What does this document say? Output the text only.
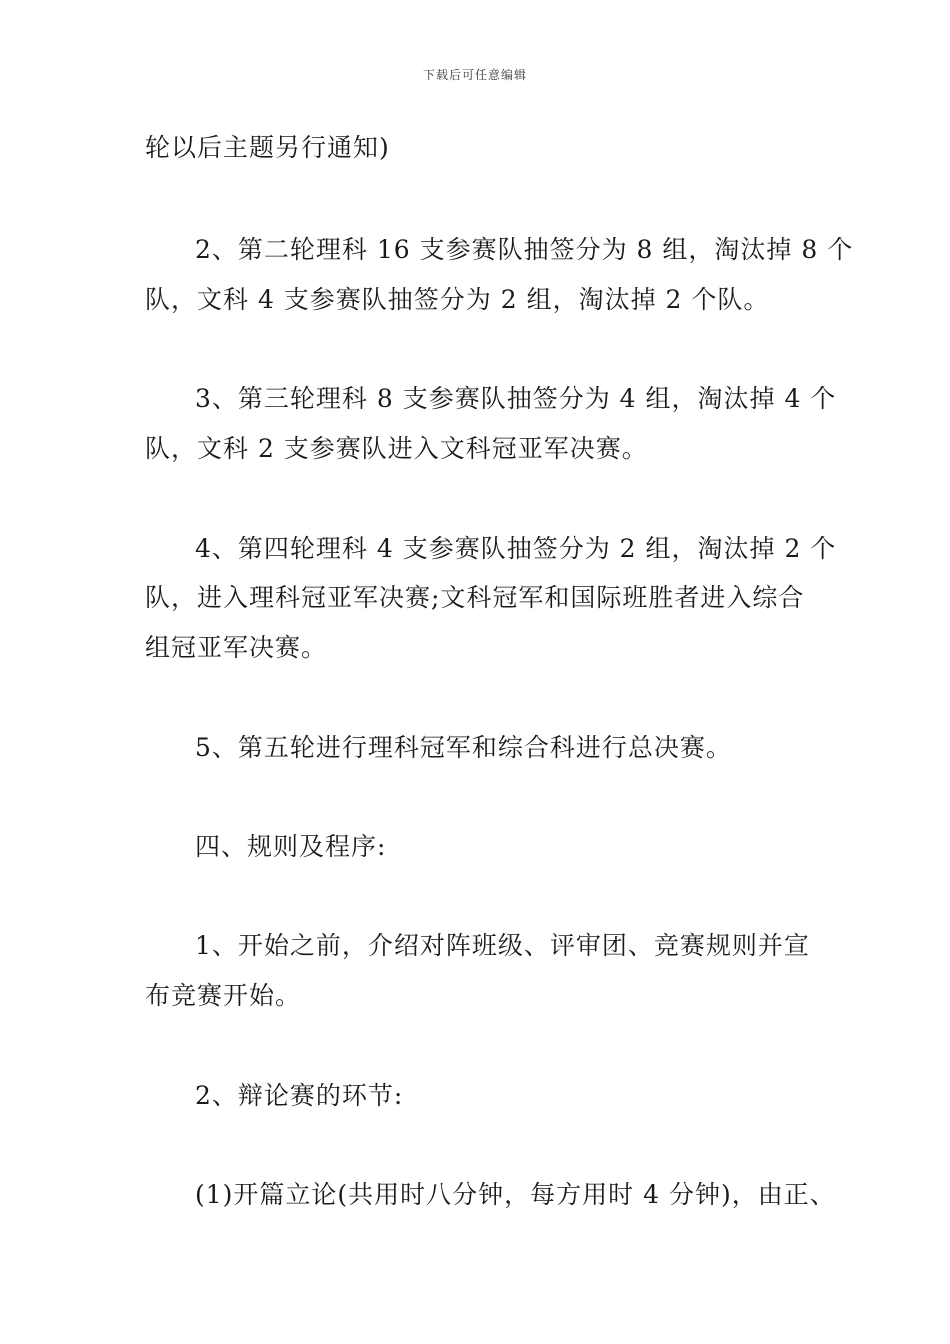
下载后可任意编辑
轮以后主题另行通知)
2、第二轮理科 16 支参赛队抽签分为 8 组，淘汰掉 8 个
队，文科 4 支参赛队抽签分为 2 组，淘汰掉 2 个队。
3、第三轮理科 8 支参赛队抽签分为 4 组，淘汰掉 4 个
队，文科 2 支参赛队进入文科冠亚军决赛。
4、第四轮理科 4 支参赛队抽签分为 2 组，淘汰掉 2 个
队，进入理科冠亚军决赛;文科冠军和国际班胜者进入综合
组冠亚军决赛。
5、第五轮进行理科冠军和综合科进行总决赛。
四、规则及程序:
1、开始之前，介绍对阵班级、评审团、竞赛规则并宣
布竞赛开始。
2、辩论赛的环节:
(1)开篇立论(共用时八分钟，每方用时 4 分钟)，由正、
